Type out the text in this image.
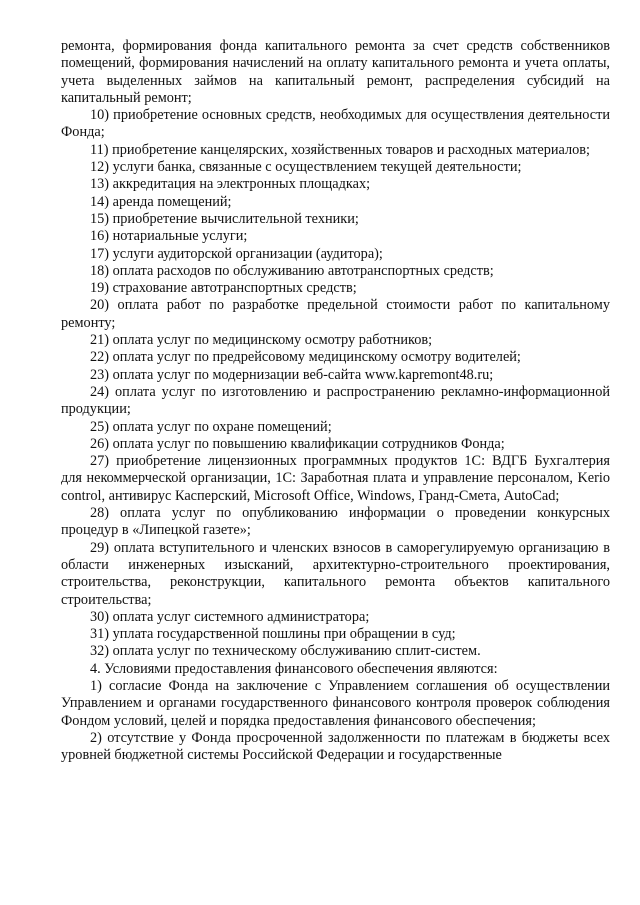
ремонта, формирования фонда капитального ремонта за счет средств собственников помещений, формирования начислений на оплату капитального ремонта и учета оплаты, учета выделенных займов на капитальный ремонт, распределения субсидий на капитальный ремонт;

10) приобретение основных средств, необходимых для осуществления деятельности Фонда;

11) приобретение канцелярских, хозяйственных товаров и расходных материалов;

12) услуги банка, связанные с осуществлением текущей деятельности;

13) аккредитация на электронных площадках;

14) аренда помещений;

15) приобретение вычислительной техники;

16) нотариальные услуги;

17) услуги аудиторской организации (аудитора);

18) оплата расходов по обслуживанию автотранспортных средств;

19) страхование автотранспортных средств;

20) оплата работ по разработке предельной стоимости работ по капитальному ремонту;

21) оплата услуг по медицинскому осмотру работников;

22) оплата услуг по предрейсовому медицинскому осмотру водителей;

23) оплата услуг по модернизации веб-сайта www.kapremont48.ru;

24) оплата услуг по изготовлению и распространению рекламно-информационной продукции;

25) оплата услуг по охране помещений;

26) оплата услуг по повышению квалификации сотрудников Фонда;

27) приобретение лицензионных программных продуктов 1С: ВДГБ Бухгалтерия для некоммерческой организации, 1С: Заработная плата и управление персоналом, Kerio control, антивирус Касперский, Microsoft Office, Windows, Гранд-Смета, AutoCad;

28) оплата услуг по опубликованию информации о проведении конкурсных процедур в «Липецкой газете»;

29) оплата вступительного и членских взносов в саморегулируемую организацию в области инженерных изысканий, архитектурно-строительного проектирования, строительства, реконструкции, капитального ремонта объектов капитального строительства;

30) оплата услуг системного администратора;

31) уплата государственной пошлины при обращении в суд;

32) оплата услуг по техническому обслуживанию сплит-систем.

4. Условиями предоставления финансового обеспечения являются:

1) согласие Фонда на заключение с Управлением соглашения об осуществлении Управлением и органами государственного финансового контроля проверок соблюдения Фондом условий, целей и порядка предоставления финансового обеспечения;

2) отсутствие у Фонда просроченной задолженности по платежам в бюджеты всех уровней бюджетной системы Российской Федерации и государственные
